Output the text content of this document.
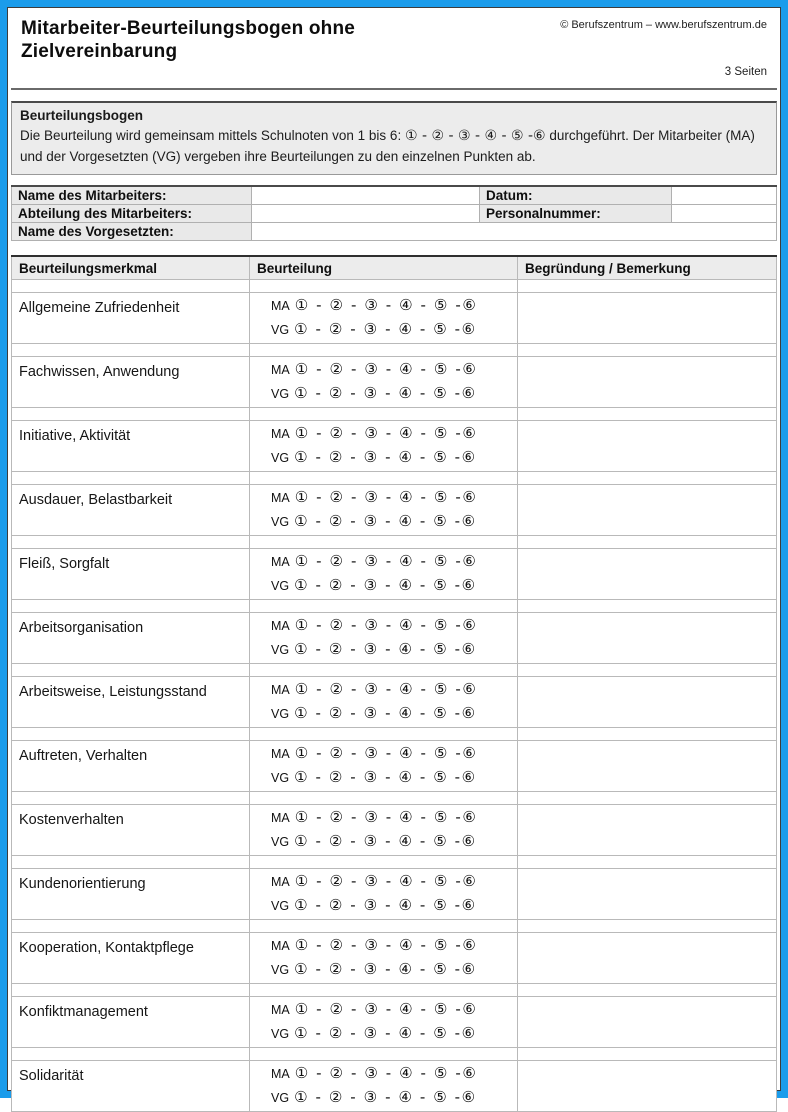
Mitarbeiter-Beurteilungsbogen ohne Zielvereinbarung
© Berufszentrum – www.berufszentrum.de
3 Seiten
Beurteilungsbogen

Die Beurteilung wird gemeinsam mittels Schulnoten von 1 bis 6: ① - ② - ③ - ④ - ⑤ -⑥ durchgeführt. Der Mitarbeiter (MA) und der Vorgesetzten (VG) vergeben ihre Beurteilungen zu den einzelnen Punkten ab.

Name des Mitarbeiters:		Datum:	
Abteilung des Mitarbeiters:		Personalnummer:	
Name des Vorgesetzten:			
Beurteilungsmerkmal	Beurteilung	Begründung / Bemerkung

Allgemeine Zufriedenheit	MA ① - ② - ③ - ④ - ⑤ -⑥
VG ① - ② - ③ - ④ - ⑤ -⑥	

Fachwissen, Anwendung	MA ① - ② - ③ - ④ - ⑤ -⑥
VG ① - ② - ③ - ④ - ⑤ -⑥	

Initiative, Aktivität	MA ① - ② - ③ - ④ - ⑤ -⑥
VG ① - ② - ③ - ④ - ⑤ -⑥	

Ausdauer, Belastbarkeit	MA ① - ② - ③ - ④ - ⑤ -⑥
VG ① - ② - ③ - ④ - ⑤ -⑥	

Fleiß, Sorgfalt	MA ① - ② - ③ - ④ - ⑤ -⑥
VG ① - ② - ③ - ④ - ⑤ -⑥	

Arbeitsorganisation	MA ① - ② - ③ - ④ - ⑤ -⑥
VG ① - ② - ③ - ④ - ⑤ -⑥	

Arbeitsweise, Leistungsstand	MA ① - ② - ③ - ④ - ⑤ -⑥
VG ① - ② - ③ - ④ - ⑤ -⑥	

Auftreten, Verhalten	MA ① - ② - ③ - ④ - ⑤ -⑥
VG ① - ② - ③ - ④ - ⑤ -⑥	

Kostenverhalten	MA ① - ② - ③ - ④ - ⑤ -⑥
VG ① - ② - ③ - ④ - ⑤ -⑥	

Kundenorientierung	MA ① - ② - ③ - ④ - ⑤ -⑥
VG ① - ② - ③ - ④ - ⑤ -⑥	

Kooperation, Kontaktpflege	MA ① - ② - ③ - ④ - ⑤ -⑥
VG ① - ② - ③ - ④ - ⑤ -⑥	

Konfiktmanagement	MA ① - ② - ③ - ④ - ⑤ -⑥
VG ① - ② - ③ - ④ - ⑤ -⑥	

Solidarität	MA ① - ② - ③ - ④ - ⑤ -⑥
VG ① - ② - ③ - ④ - ⑤ -⑥	
